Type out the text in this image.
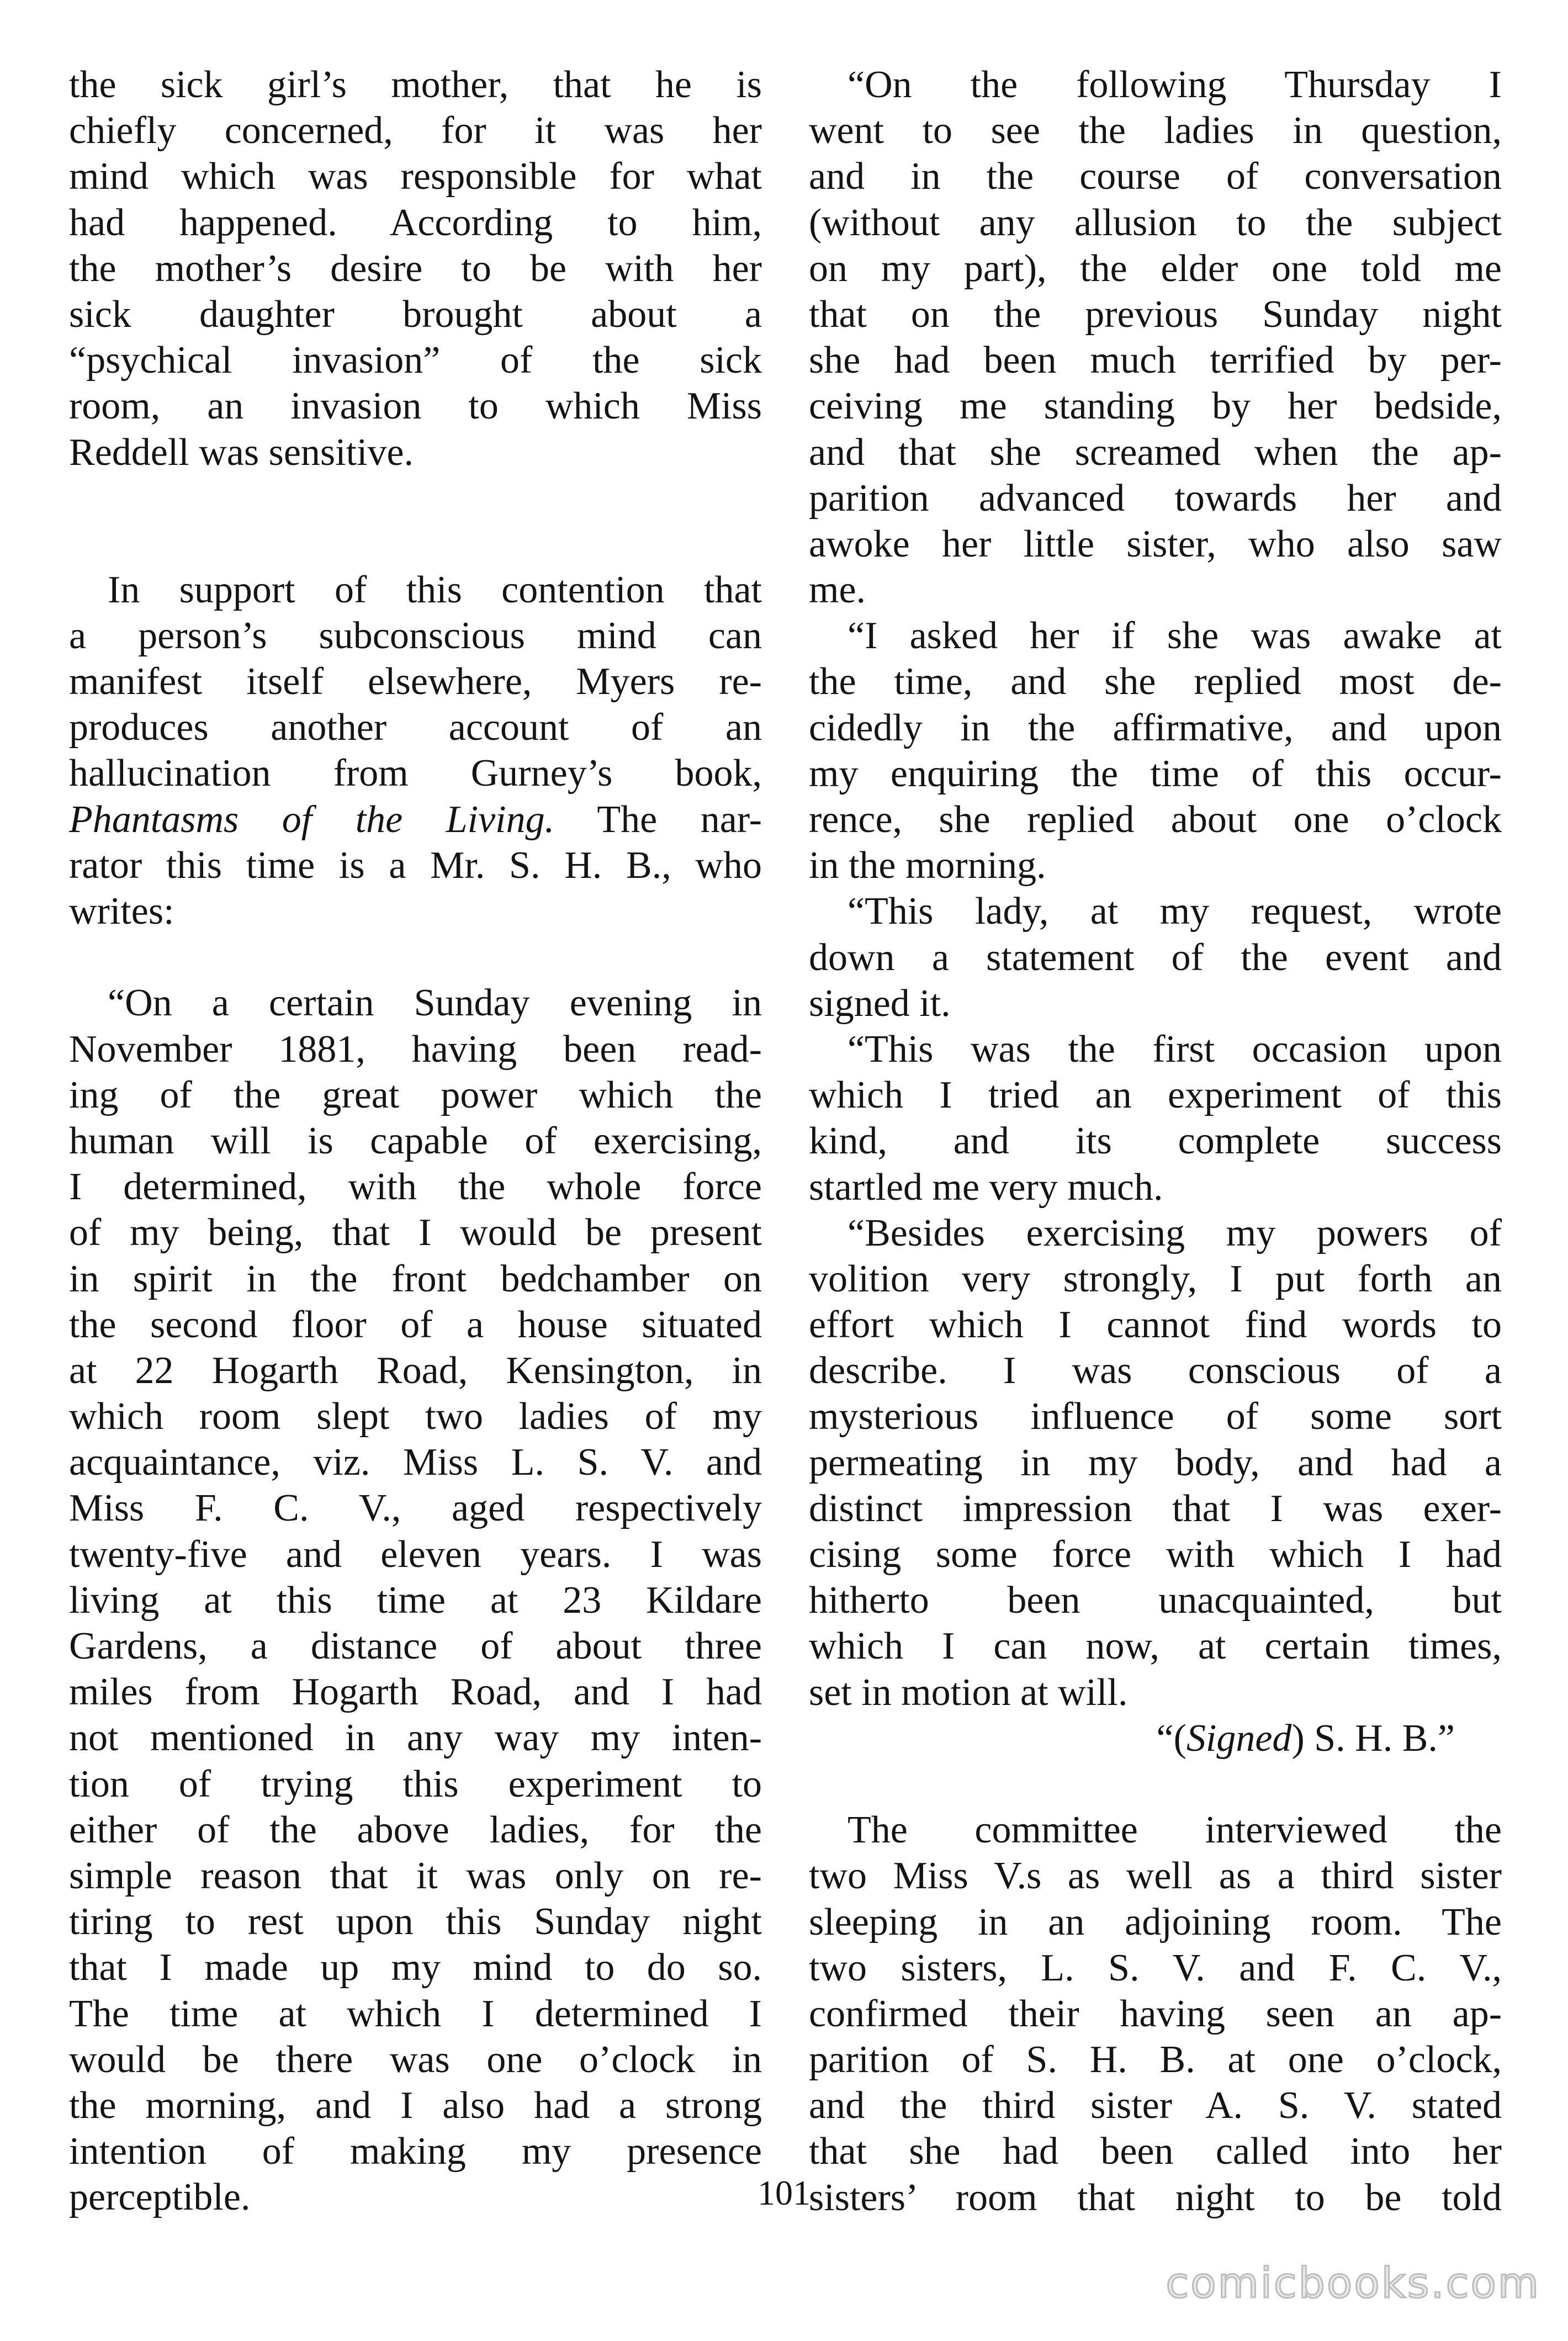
the sick girl’s mother, that he is
chiefly concerned, for it was her
mind which was responsible for what
had happened. According to him,
the mother’s desire to be with her
sick daughter brought about a
“psychical invasion” of the sick
room, an invasion to which Miss
Reddell was sensitive.
In support of this contention that
a person’s subconscious mind can
manifest itself elsewhere, Myers re-
produces another account of an
hallucination from Gurney’s book,
Phantasms of the Living. The nar-
rator this time is a Mr. S. H. B., who
writes:
“On a certain Sunday evening in
November 1881, having been read-
ing of the great power which the
human will is capable of exercising,
I determined, with the whole force
of my being, that I would be present
in spirit in the front bedchamber on
the second floor of a house situated
at 22 Hogarth Road, Kensington, in
which room slept two ladies of my
acquaintance, viz. Miss L. S. V. and
Miss F. C. V., aged respectively
twenty-five and eleven years. I was
living at this time at 23 Kildare
Gardens, a distance of about three
miles from Hogarth Road, and I had
not mentioned in any way my inten-
tion of trying this experiment to
either of the above ladies, for the
simple reason that it was only on re-
tiring to rest upon this Sunday night
that I made up my mind to do so.
The time at which I determined I
would be there was one o’clock in
the morning, and I also had a strong
intention of making my presence
perceptible.
“On the following Thursday I
went to see the ladies in question,
and in the course of conversation
(without any allusion to the subject
on my part), the elder one told me
that on the previous Sunday night
she had been much terrified by per-
ceiving me standing by her bedside,
and that she screamed when the ap-
parition advanced towards her and
awoke her little sister, who also saw
me.
“I asked her if she was awake at
the time, and she replied most de-
cidedly in the affirmative, and upon
my enquiring the time of this occur-
rence, she replied about one o’clock
in the morning.
“This lady, at my request, wrote
down a statement of the event and
signed it.
“This was the first occasion upon
which I tried an experiment of this
kind, and its complete success
startled me very much.
“Besides exercising my powers of
volition very strongly, I put forth an
effort which I cannot find words to
describe. I was conscious of a
mysterious influence of some sort
permeating in my body, and had a
distinct impression that I was exer-
cising some force with which I had
hitherto been unacquainted, but
which I can now, at certain times,
set in motion at will.
“(Signed) S. H. B.”
The committee interviewed the
two Miss V.s as well as a third sister
sleeping in an adjoining room. The
two sisters, L. S. V. and F. C. V.,
confirmed their having seen an ap-
parition of S. H. B. at one o’clock,
and the third sister A. S. V. stated
that she had been called into her
sisters’ room that night to be told
101
comicbooks.com
